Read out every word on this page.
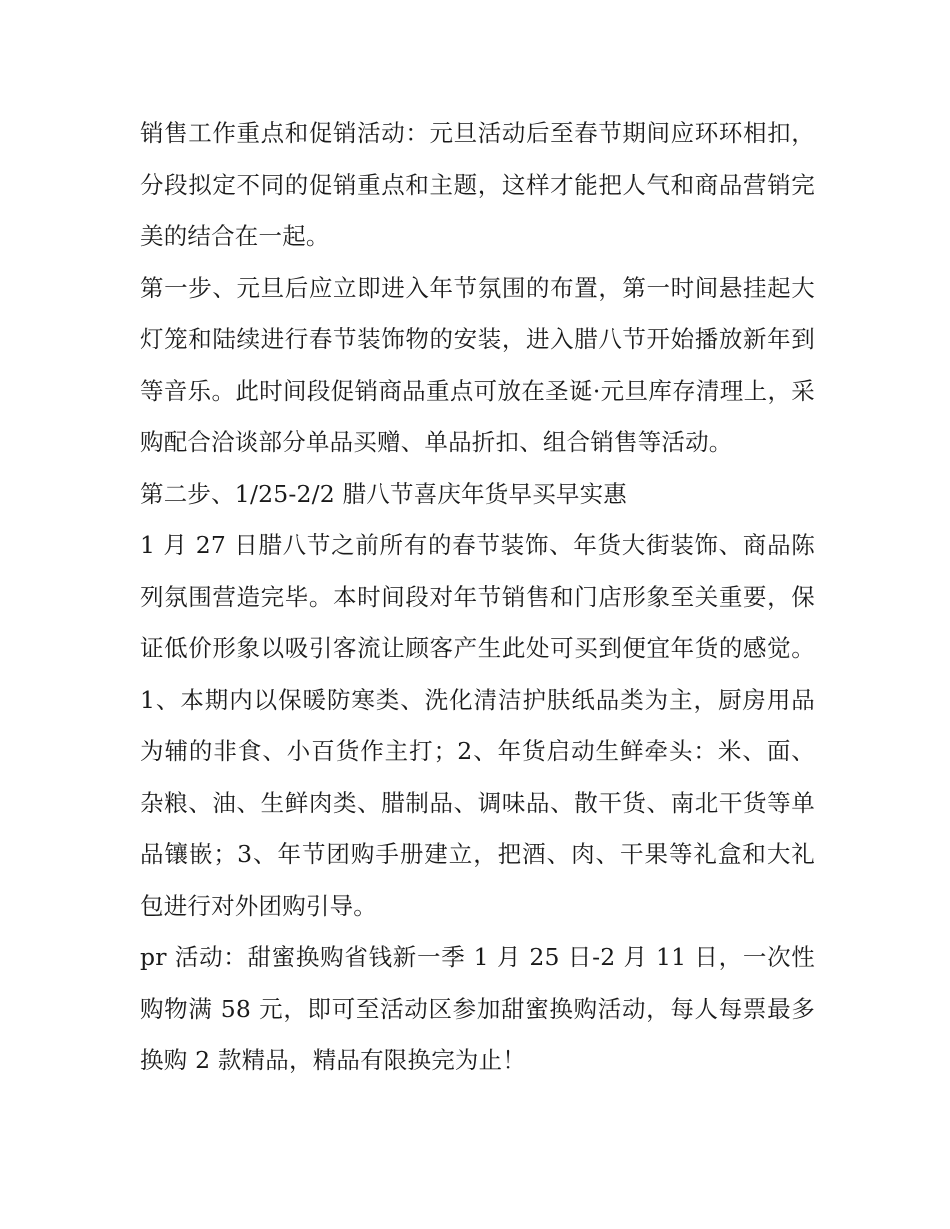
销售工作重点和促销活动：元旦活动后至春节期间应环环相扣，分段拟定不同的促销重点和主题，这样才能把人气和商品营销完美的结合在一起。

第一步、元旦后应立即进入年节氛围的布置，第一时间悬挂起大灯笼和陆续进行春节装饰物的安装，进入腊八节开始播放新年到等音乐。此时间段促销商品重点可放在圣诞·元旦库存清理上，采购配合洽谈部分单品买赠、单品折扣、组合销售等活动。

第二步、1/25-2/2 腊八节喜庆年货早买早实惠

1 月 27 日腊八节之前所有的春节装饰、年货大街装饰、商品陈列氛围营造完毕。本时间段对年节销售和门店形象至关重要，保证低价形象以吸引客流让顾客产生此处可买到便宜年货的感觉。1、本期内以保暖防寒类、洗化清洁护肤纸品类为主，厨房用品为辅的非食、小百货作主打；2、年货启动生鲜牵头：米、面、杂粮、油、生鲜肉类、腊制品、调味品、散干货、南北干货等单品镶嵌；3、年节团购手册建立，把酒、肉、干果等礼盒和大礼包进行对外团购引导。

pr 活动：甜蜜换购省钱新一季 1 月 25 日-2 月 11 日，一次性购物满 58 元，即可至活动区参加甜蜜换购活动，每人每票最多换购 2 款精品，精品有限换完为止！
